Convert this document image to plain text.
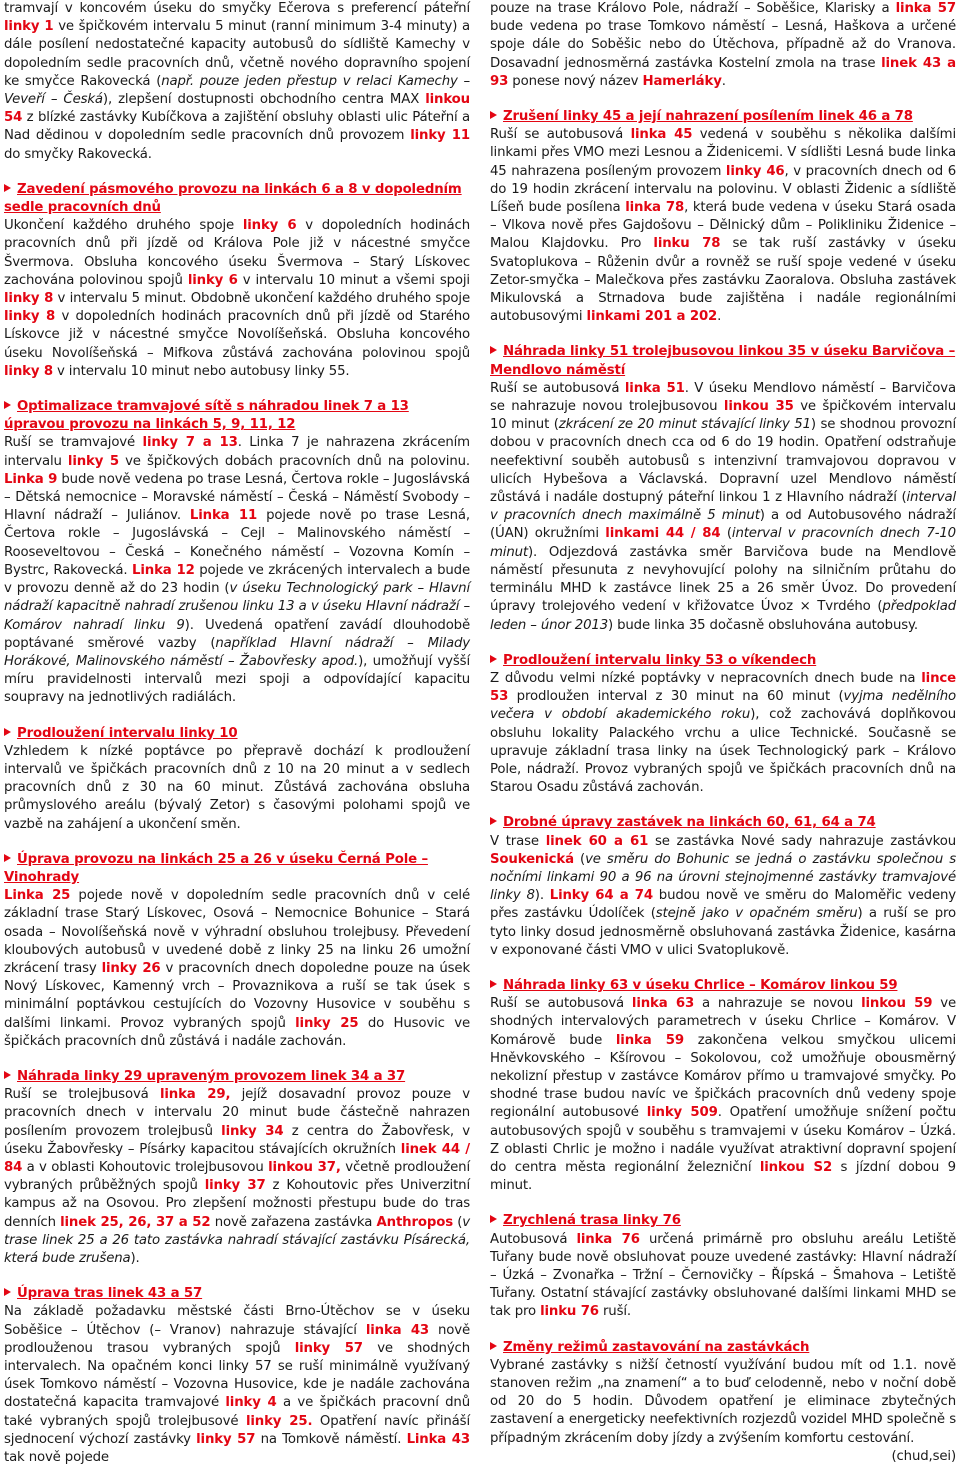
tramvají v koncovém úseku do smyčky Ečerova s preferencí páteřní linky 1 ve špičkovém intervalu 5 minut (ranní minimum 3-4 minuty) a dále posílení nedostatečné kapacity autobusů do sídliště Kamechy v dopoledním sedle pracovních dnů, včetně nového dopravního spojení ke smyčce Rakovecká (např. pouze jeden přestup v relaci Kamechy – Veveří – Česká), zlepšení dostupnosti obchodního centra MAX linkou 54 z blízké zastávky Kubíčkova a zajištění obsluhy oblasti ulic Páteřní a Nad dědinou v dopoledním sedle pracovních dnů provozem linky 11 do smyčky Rakovecká.

Zavedení pásmového provozu na linkách 6 a 8 v dopoledním sedle pracovních dnů

Ukončení každého druhého spoje linky 6 v dopoledních hodinách pracovních dnů při jízdě od Králova Pole již v nácestné smyčce Švermova. Obsluha koncového úseku Švermova – Starý Lískovec zachována polovinou spojů linky 6 v intervalu 10 minut a všemi spoji linky 8 v intervalu 5 minut. Obdobně ukončení každého druhého spoje linky 8 v dopoledních hodinách pracovních dnů při jízdě od Starého Lískovce již v nácestné smyčce Novolíšeňská. Obsluha koncového úseku Novolíšeňská – Mifkova zůstává zachována polovinou spojů linky 8 v intervalu 10 minut nebo autobusy linky 55.

Optimalizace tramvajové sítě s náhradou linek 7 a 13 úpravou provozu na linkách 5, 9, 11, 12

Ruší se tramvajové linky 7 a 13. Linka 7 je nahrazena zkrácením intervalu linky 5 ve špičkových dobách pracovních dnů na polovinu. Linka 9 bude nově vedena po trase Lesná, Čertova rokle – Jugoslávská – Dětská nemocnice – Moravské náměstí – Česká – Náměstí Svobody – Hlavní nádraží – Juliánov. Linka 11 pojede nově po trase Lesná, Čertova rokle – Jugoslávská – Cejl – Malinovského náměstí – Rooseveltovou – Česká – Konečného náměstí – Vozovna Komín – Bystrc, Rakovecká. Linka 12 pojede ve zkrácených intervalech a bude v provozu denně až do 23 hodin (v úseku Technologický park – Hlavní nádraží kapacitně nahradí zrušenou linku 13 a v úseku Hlavní nádraží – Komárov nahradí linku 9). Uvedená opatření zavádí dlouhodobě poptávané směrové vazby (například Hlavní nádraží – Milady Horákové, Malinovského náměstí – Žabovřesky apod.), umožňují vyšší míru pravidelnosti intervalů mezi spoji a odpovídající kapacitu soupravy na jednotlivých radiálách.

Prodloužení intervalu linky 10

Vzhledem k nízké poptávce po přepravě dochází k prodloužení intervalů ve špičkách pracovních dnů z 10 na 20 minut a v sedlech pracovních dnů z 30 na 60 minut. Zůstává zachována obsluha průmyslového areálu (bývalý Zetor) s časovými polohami spojů ve vazbě na zahájení a ukončení směn.

Úprava provozu na linkách 25 a 26 v úseku Černá Pole – Vinohrady

Linka 25 pojede nově v dopoledním sedle pracovních dnů v celé základní trase Starý Lískovec, Osová – Nemocnice Bohunice – Stará osada – Novolíšeňská nově v výhradní obsluhou trolejbusy. Převedení kloubových autobusů v uvedené době z linky 25 na linku 26 umožní zkrácení trasy linky 26 v pracovních dnech dopoledne pouze na úsek Nový Lískovec, Kamenný vrch – Provaznikova a ruší se tak úsek s minimální poptávkou cestujících do Vozovny Husovice v souběhu s dalšími linkami. Provoz vybraných spojů linky 25 do Husovic ve špičkách pracovních dnů zůstává i nadále zachován.

Náhrada linky 29 upraveným provozem linek 34 a 37

Ruší se trolejbusová linka 29, jejíž dosavadní provoz pouze v pracovních dnech v intervalu 20 minut bude částečně nahrazen posílením provozem trolejbusů linky 34 z centra do Žabovřesk, v úseku Žabovřesky – Písárky kapacitou stávajících okružních linek 44 / 84 a v oblasti Kohoutovic trolejbusovou linkou 37, včetně prodloužení vybraných průběžných spojů linky 37 z Kohoutovic přes Univerzitní kampus až na Osovou. Pro zlepšení možnosti přestupu bude do tras denních linek 25, 26, 37 a 52 nově zařazena zastávka Anthropos (v trase linek 25 a 26 tato zastávka nahradí stávající zastávku Písárecká, která bude zrušena).

Úprava tras linek 43 a 57

Na základě požadavku městské části Brno-Útěchov se v úseku Soběšice – Útěchov (– Vranov) nahrazuje stávající linka 43 nově prodlouženou trasou vybraných spojů linky 57 ve shodných intervalech. Na opačném konci linky 57 se ruší minimálně využívaný úsek Tomkovo náměstí – Vozovna Husovice, kde je nadále zachována dostatečná kapacita tramvajové linky 4 a ve špičkách pracovní dnů také vybraných spojů trolejbusové linky 25. Opatření navíc přináší sjednocení výchozí zastávky linky 57 na Tomkově náměstí. Linka 43 tak nově pojede

pouze na trase Královo Pole, nádraží – Soběšice, Klarisky a linka 57 bude vedena po trase Tomkovo náměstí – Lesná, Haškova a určené spoje dále do Soběšic nebo do Útěchova, případně až do Vranova. Dosavadní jednosměrná zastávka Kostelní zmola na trase linek 43 a 93 ponese nový název Hamerláky.

Zrušení linky 45 a její nahrazení posílením linek 46 a 78

Ruší se autobusová linka 45 vedená v souběhu s několika dalšími linkami přes VMO mezi Lesnou a Židenicemi. V sídlišti Lesná bude linka 45 nahrazena posíleným provozem linky 46, v pracovních dnech od 6 do 19 hodin zkrácení intervalu na polovinu. V oblasti Židenic a sídliště Líšeň bude posílena linka 78, která bude vedena v úseku Stará osada – Vlkova nově přes Gajdošovu – Dělnický dům – Polikliniku Židenice – Malou Klajdovku. Pro linku 78 se tak ruší zastávky v úseku Svatoplukova – Růženin dvůr a rovněž se ruší spoje vedené v úseku Zetor-smyčka – Malečkova přes zastávku Zaoralova. Obsluha zastávek Mikulovská a Strnadova bude zajištěna i nadále regionálními autobusovými linkami 201 a 202.

Náhrada linky 51 trolejbusovou linkou 35 v úseku Barvičova – Mendlovo náměstí

Ruší se autobusová linka 51. V úseku Mendlovo náměstí – Barvičova se nahrazuje novou trolejbusovou linkou 35 ve špičkovém intervalu 10 minut (zkrácení ze 20 minut stávající linky 51) se shodnou provozní dobou v pracovních dnech cca od 6 do 19 hodin. Opatření odstraňuje neefektivní souběh autobusů s intenzivní tramvajovou dopravou v ulicích Hybešova a Václavská. Dopravní uzel Mendlovo náměstí zůstává i nadále dostupný páteřní linkou 1 z Hlavního nádraží (interval v pracovních dnech maximálně 5 minut) a od Autobusového nádraží (ÚAN) okružními linkami 44 / 84 (interval v pracovních dnech 7-10 minut). Odjezdová zastávka směr Barvičova bude na Mendlově náměstí přesunuta z nevyhovující polohy na silničním průtahu do terminálu MHD k zastávce linek 25 a 26 směr Úvoz. Do provedení úpravy trolejového vedení v křižovatce Úvoz × Tvrdého (předpoklad leden – únor 2013) bude linka 35 dočasně obsluhována autobusy.

Prodloužení intervalu linky 53 o víkendech

Z důvodu velmi nízké poptávky v nepracovních dnech bude na lince 53 prodloužen interval z 30 minut na 60 minut (vyjma nedělního večera v období akademického roku), což zachovává doplňkovou obsluhu lokality Palackého vrchu a ulice Technické. Současně se upravuje základní trasa linky na úsek Technologický park – Královo Pole, nádraží. Provoz vybraných spojů ve špičkách pracovních dnů na Starou Osadu zůstává zachován.

Drobné úpravy zastávek na linkách 60, 61, 64 a 74

V trase linek 60 a 61 se zastávka Nové sady nahrazuje zastávkou Soukenická (ve směru do Bohunic se jedná o zastávku společnou s nočními linkami 90 a 96 na úrovni stejnojmenné zastávky tramvajové linky 8). Linky 64 a 74 budou nově ve směru do Maloměřic vedeny přes zastávku Údolíček (stejně jako v opačném směru) a ruší se pro tyto linky dosud jednosměrně obsluhovaná zastávka Židenice, kasárna v exponované části VMO v ulici Svatoplukově.

Náhrada linky 63 v úseku Chrlice – Komárov linkou 59

Ruší se autobusová linka 63 a nahrazuje se novou linkou 59 ve shodných intervalových parametrech v úseku Chrlice – Komárov. V Komárově bude linka 59 zakončena velkou smyčkou ulicemi Hněvkovského – Kšírovou – Sokolovou, což umožňuje obousměrný nekolizní přestup v zastávce Komárov přímo u tramvajové smyčky. Po shodné trase budou navíc ve špičkách pracovních dnů vedeny spoje regionální autobusové linky 509. Opatření umožňuje snížení počtu autobusových spojů v souběhu s tramvajemi v úseku Komárov – Úzká. Z oblasti Chrlic je možno i nadále využívat atraktivní dopravní spojení do centra města regionální železniční linkou S2 s jízdní dobou 9 minut.

Zrychlená trasa linky 76

Autobusová linka 76 určená primárně pro obsluhu areálu Letiště Tuřany bude nově obsluhovat pouze uvedené zastávky: Hlavní nádraží – Úzká – Zvonařka – Tržní – Černovičky – Řípská – Šmahova – Letiště Tuřany. Ostatní stávající zastávky obsluhované dalšími linkami MHD se tak pro linku 76 ruší.

Změny režimů zastavování na zastávkách

Vybrané zastávky s nižší četností využívání budou mít od 1.1. nově stanoven režim „na znamení“ a to buď celodenně, nebo v noční době od 20 do 5 hodin. Důvodem opatření je eliminace zbytečných zastavení a energeticky neefektivních rozjezdů vozidel MHD společně s případným zkrácením doby jízdy a zvýšením komfortu cestování.

(chud,sei)
